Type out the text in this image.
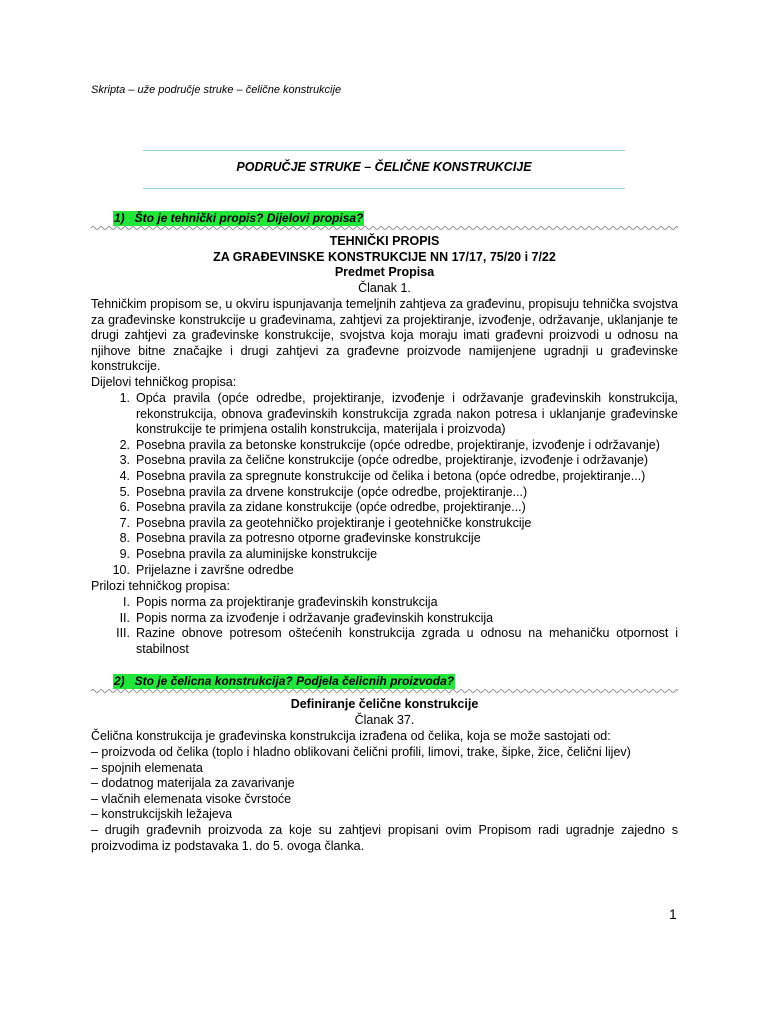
Skripta – uže područje struke – čelične konstrukcije
PODRUČJE STRUKE – ČELIČNE KONSTRUKCIJE
1) Što je tehnički propis? Dijelovi propisa?
TEHNIČKI PROPIS
ZA GRAĐEVINSKE KONSTRUKCIJE NN 17/17, 75/20 i 7/22
Predmet Propisa
Članak 1.
Tehničkim propisom se, u okviru ispunjavanja temeljnih zahtjeva za građevinu, propisuju tehnička svojstva za građevinske konstrukcije u građevinama, zahtjevi za projektiranje, izvođenje, održavanje, uklanjanje te drugi zahtjevi za građevinske konstrukcije, svojstva koja moraju imati građevni proizvodi u odnosu na njihove bitne značajke i drugi zahtjevi za građevne proizvode namijenjene ugradnji u građevinske konstrukcije.
Dijelovi tehničkog propisa:
1. Opća pravila (opće odredbe, projektiranje, izvođenje i održavanje građevinskih konstrukcija, rekonstrukcija, obnova građevinskih konstrukcija zgrada nakon potresa i uklanjanje građevinske konstrukcije te primjena ostalih konstrukcija, materijala i proizvoda)
2. Posebna pravila za betonske konstrukcije (opće odredbe, projektiranje, izvođenje i održavanje)
3. Posebna pravila za čelične konstrukcije (opće odredbe, projektiranje, izvođenje i održavanje)
4. Posebna pravila za spregnute konstrukcije od čelika i betona (opće odredbe, projektiranje...)
5. Posebna pravila za drvene konstrukcije (opće odredbe, projektiranje...)
6. Posebna pravila za zidane konstrukcije (opće odredbe, projektiranje...)
7. Posebna pravila za geotehničko projektiranje i geotehničke konstrukcije
8. Posebna pravila za potresno otporne građevinske konstrukcije
9. Posebna pravila za aluminijske konstrukcije
10. Prijelazne i završne odredbe
Prilozi tehničkog propisa:
I. Popis norma za projektiranje građevinskih konstrukcija
II. Popis norma za izvođenje i održavanje građevinskih konstrukcija
III. Razine obnove potresom oštećenih konstrukcija zgrada u odnosu na mehaničku otpornost i stabilnost
2) Sto je čelicna konstrukcija? Podjela čelicnih proizvoda?
Definiranje čelične konstrukcije
Članak 37.
Čelična konstrukcija je građevinska konstrukcija izrađena od čelika, koja se može sastojati od:
– proizvoda od čelika (toplo i hladno oblikovani čelični profili, limovi, trake, šipke, žice, čelični lijev)
– spojnih elemenata
– dodatnog materijala za zavarivanje
– vlačnih elemenata visoke čvrstoće
– konstrukcijskih ležajeva
– drugih građevnih proizvoda za koje su zahtjevi propisani ovim Propisom radi ugradnje zajedno s proizvodima iz podstavaka 1. do 5. ovoga članka.
1
